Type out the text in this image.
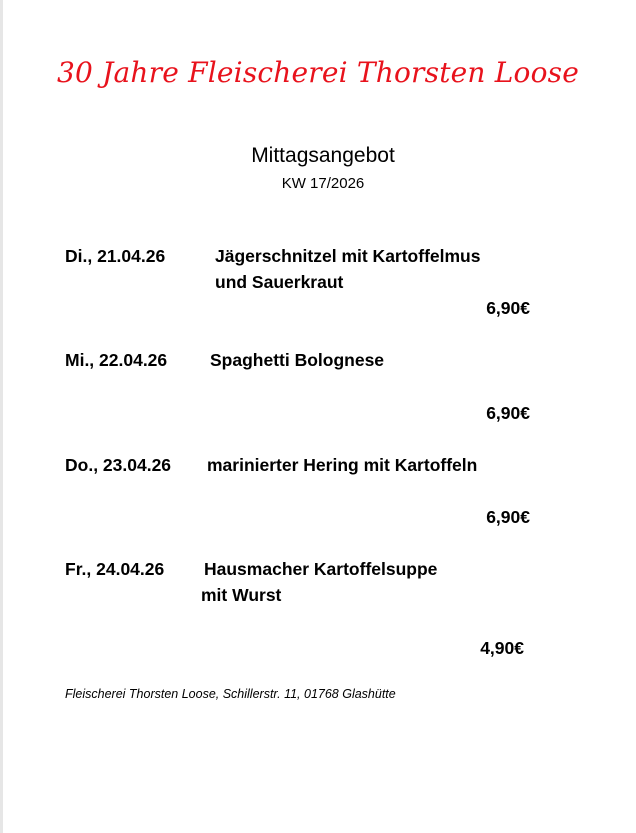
30 Jahre Fleischerei Thorsten Loose
Mittagsangebot
KW 17/2026
Di., 21.04.26	Jägerschnitzel mit Kartoffelmus
und Sauerkraut
6,90€
Mi., 22.04.26 Spaghetti Bolognese
6,90€
Do., 23.04.26 marinierter Hering mit Kartoffeln
6,90€
Fr., 24.04.26 Hausmacher Kartoffelsuppe
mit Wurst
4,90€
Fleischerei Thorsten Loose, Schillerstr. 11, 01768 Glashütte
